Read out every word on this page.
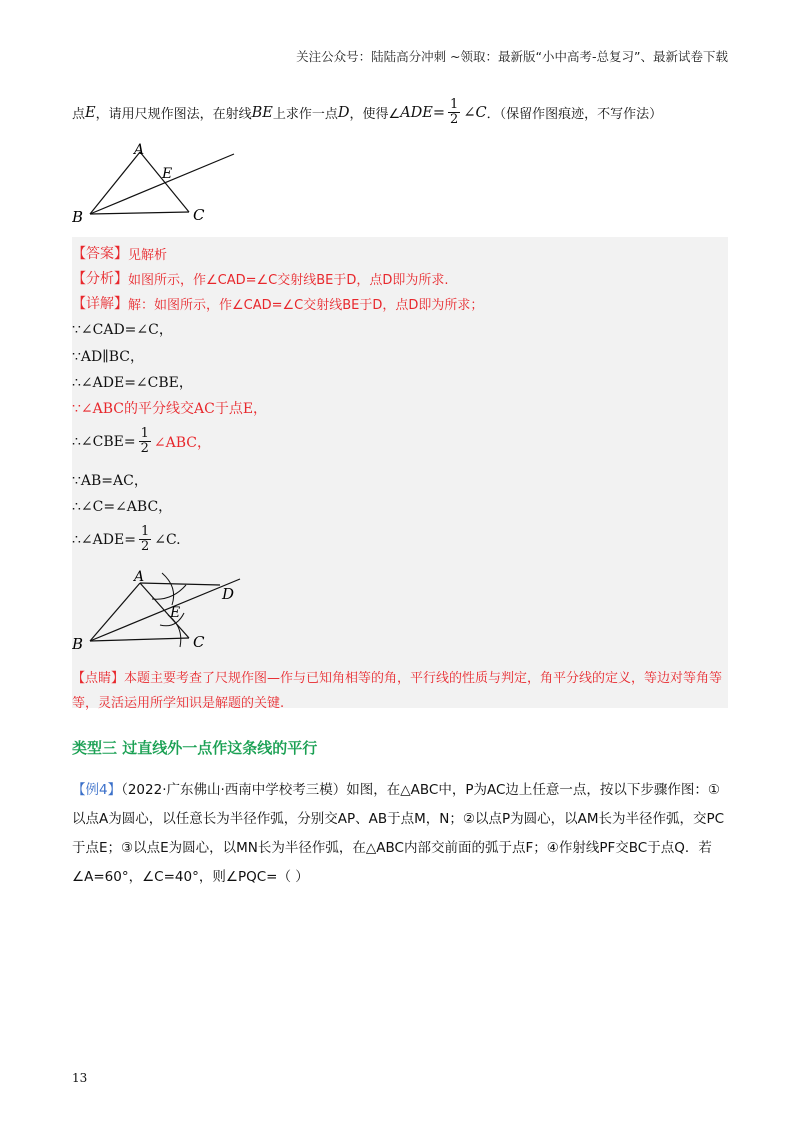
关注公众号：陆陆高分冲刺 ~领取：最新版“小中高考-总复习”、最新试卷下载
点 E ，请用尺规作图法，在射线 BE 上求作一点 D ，使得∠ ADE = $\frac{1}{2}$ ∠C ．（保留作图痕迹，不写作法）
A
E
B	C
【答案】 见解析
【分析】 如图所示，作∠CAD=∠C交射线BE于D，点D即为所求.
【详解】 解：如图所示，作∠CAD=∠C交射线BE于D，点D即为所求；
∵∠CAD=∠C，
∵AD∥BC，
∴∠ADE=∠CBE，
∵∠ABC的平分线交AC于点E，
∴∠CBE= $\frac{1}{2}$ ∠ABC，
∵AB=AC，
∴∠C=∠ABC，
∴∠ADE= $\frac{1}{2}$ ∠C.
A
D
E
B	C
【点睛】本题主要考查了尺规作图—作与已知角相等的角，平行线的性质与判定，角平分线的定义，等边对等角等等，灵活运用所学知识是解题的关键.
类型三 过直线外一点作这条线的平行
【例4】（2022·广东佛山·西南中学校考三模）如图，在△ABC中，P为AC边上任意一点，按以下步骤作图：①以点A为圆心，以任意长为半径作弧，分别交AP、AB于点M，N；②以点P为圆心，以AM长为半径作弧，交PC于点E；③以点E为圆心，以MN长为半径作弧，在△ABC内部交前面的弧于点F；④作射线PF交BC于点Q．若∠A=60°，∠C=40°，则∠PQC=（ ）
13
